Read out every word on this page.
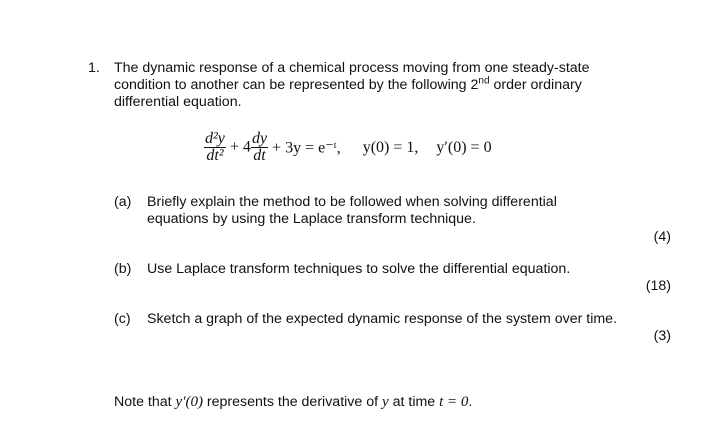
1. The dynamic response of a chemical process moving from one steady-state
condition to another can be represented by the following 2nd order ordinary
differential equation.
$\frac{\text{d²y}}{\text{dt²}} + 4 \frac{dy}{dt} + 3y$ = e⁻ᵗ, y(0) = 1, y′(0) = 0
(a) Briefly explain the method to be followed when solving differential
equations by using the Laplace transform technique.
(4)
(b) Use Laplace transform techniques to solve the differential equation.
(18)
(c) Sketch a graph of the expected dynamic response of the system over time.
(3)
Note that y′(0) represents the derivative of y at time t = 0.
